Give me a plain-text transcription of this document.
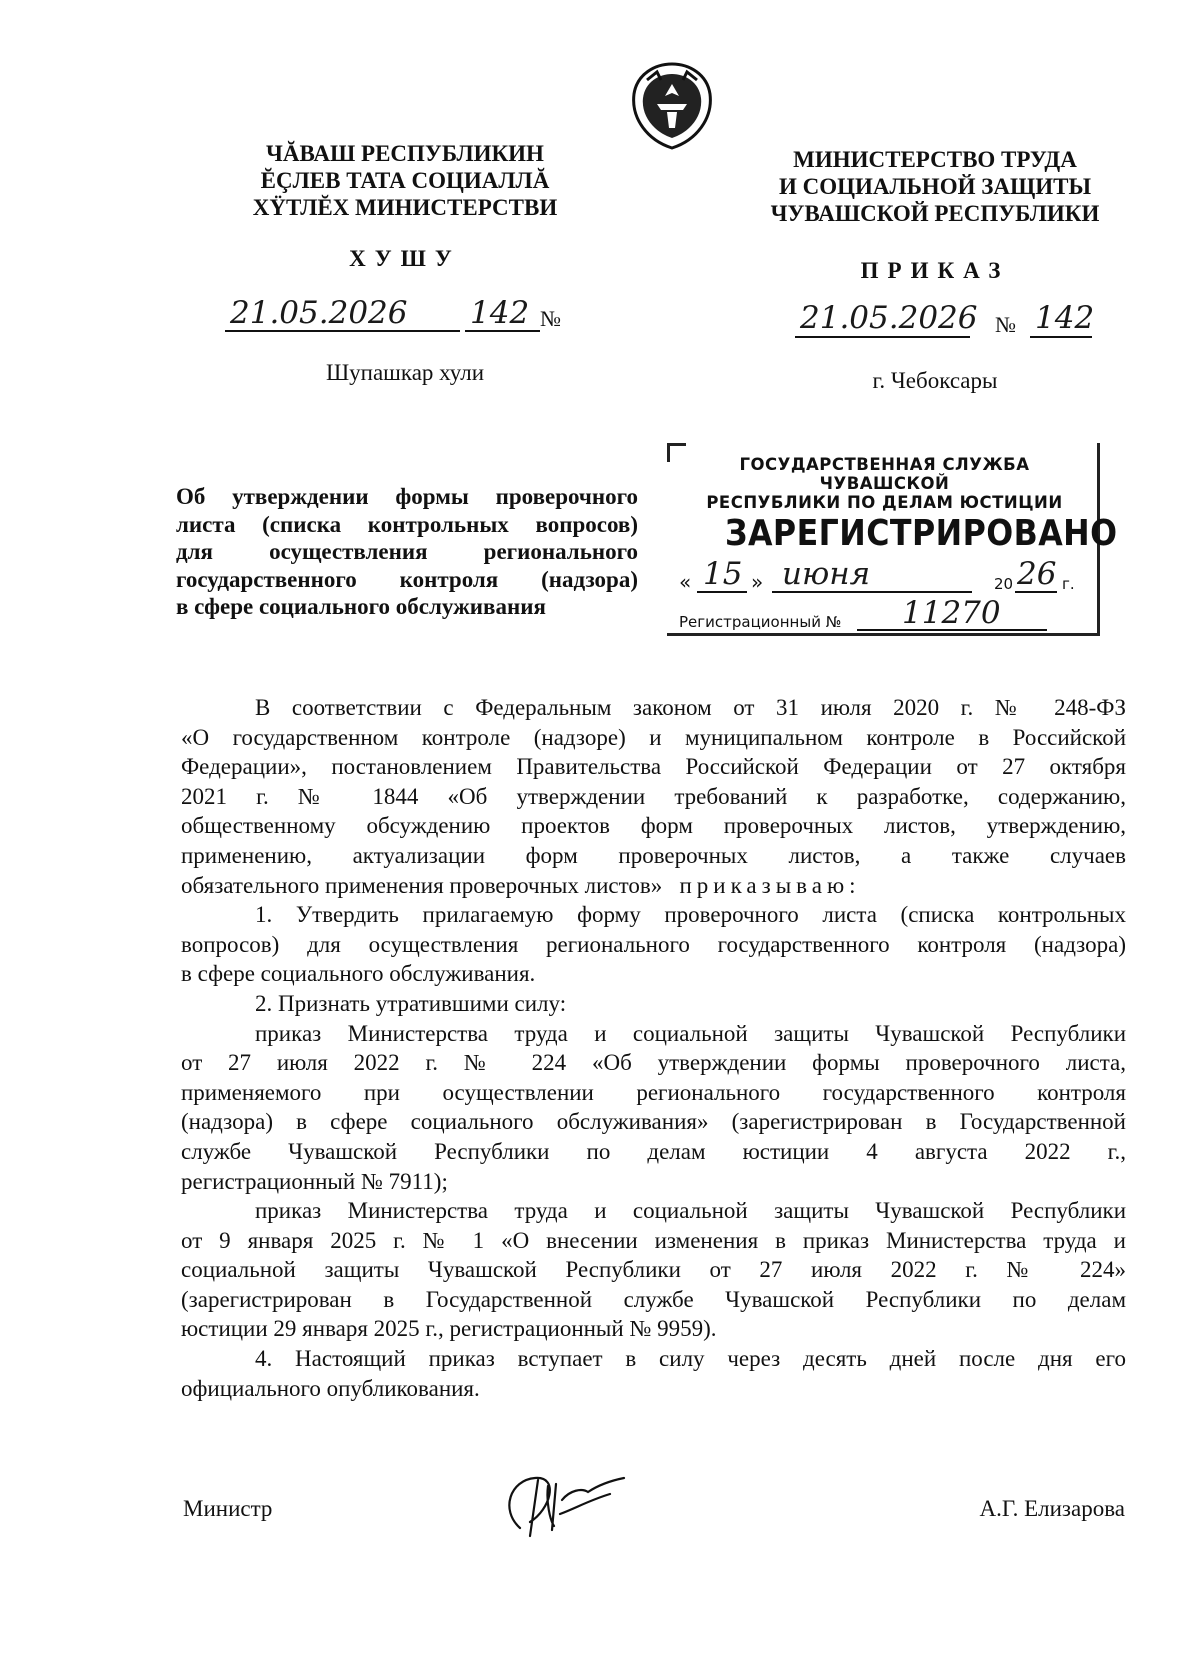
ЧĂВАШ РЕСПУБЛИКИН
ĔÇЛЕВ ТАТА СОЦИАЛЛĂ
ХŸТЛĔХ МИНИСТЕРСТВИ
ХУШУ
21.05.2026 142 №
Шупашкар хули
МИНИСТЕРСТВО ТРУДА
И СОЦИАЛЬНОЙ ЗАЩИТЫ
ЧУВАШСКОЙ РЕСПУБЛИКИ
ПРИКАЗ
21.05.2026 № 142
г. Чебоксары
Об утверждении формы проверочного
листа (списка контрольных вопросов)
для осуществления регионального
государственного контроля (надзора)
в сфере социального обслуживания
ГОСУДАРСТВЕННАЯ СЛУЖБА ЧУВАШСКОЙ
РЕСПУБЛИКИ ПО ДЕЛАМ ЮСТИЦИИ
ЗАРЕГИСТРИРОВАНО
« 15 » июня	20 26 г.
Регистрационный № 11270
В соответствии с Федеральным законом от 31 июля 2020 г. № 248-ФЗ
«О государственном контроле (надзоре) и муниципальном контроле в Российской
Федерации», постановлением Правительства Российской Федерации от 27 октября
2021 г. № 1844 «Об утверждении требований к разработке, содержанию,
общественному обсуждению проектов форм проверочных листов, утверждению,
применению, актуализации форм проверочных листов, а также случаев
обязательного применения проверочных листов» приказываю:
1. Утвердить прилагаемую форму проверочного листа (списка контрольных
вопросов) для осуществления регионального государственного контроля (надзора)
в сфере социального обслуживания.
2. Признать утратившими силу:
приказ Министерства труда и социальной защиты Чувашской Республики
от 27 июля 2022 г. № 224 «Об утверждении формы проверочного листа,
применяемого при осуществлении регионального государственного контроля
(надзора) в сфере социального обслуживания» (зарегистрирован в Государственной
службе Чувашской Республики по делам юстиции 4 августа 2022 г.,
регистрационный № 7911);
приказ Министерства труда и социальной защиты Чувашской Республики
от 9 января 2025 г. № 1 «О внесении изменения в приказ Министерства труда и
социальной защиты Чувашской Республики от 27 июля 2022 г. № 224»
(зарегистрирован в Государственной службе Чувашской Республики по делам
юстиции 29 января 2025 г., регистрационный № 9959).
4. Настоящий приказ вступает в силу через десять дней после дня его
официального опубликования.
Министр	А.Г. Елизарова
